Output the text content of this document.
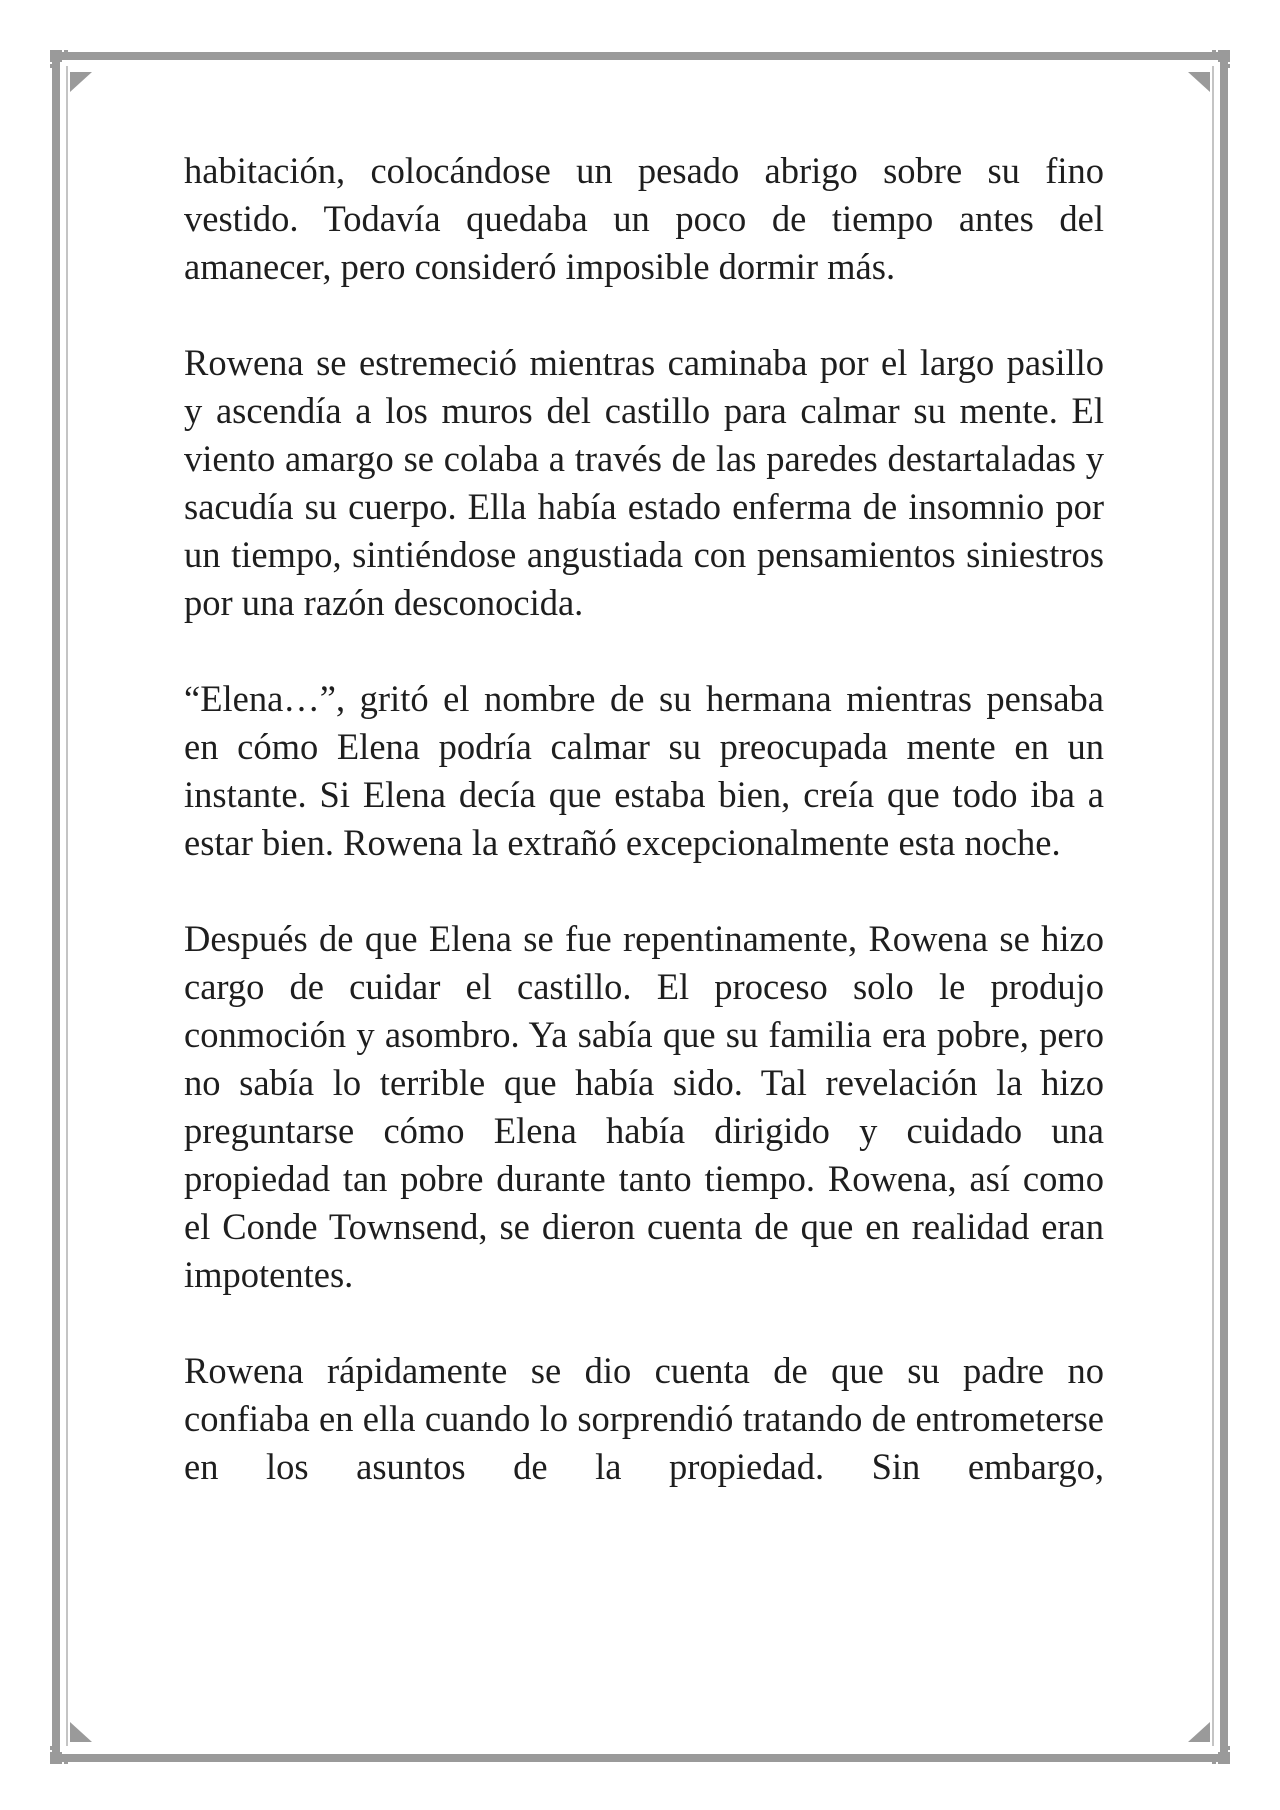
habitación, colocándose un pesado abrigo sobre su fino vestido. Todavía quedaba un poco de tiempo antes del amanecer, pero consideró imposible dormir más.

Rowena se estremeció mientras caminaba por el largo pasillo y ascendía a los muros del castillo para calmar su mente. El viento amargo se colaba a través de las paredes destartaladas y sacudía su cuerpo. Ella había estado enferma de insomnio por un tiempo, sintiéndose angustiada con pensamientos siniestros por una razón desconocida.

“Elena…”, gritó el nombre de su hermana mientras pensaba en cómo Elena podría calmar su preocupada mente en un instante. Si Elena decía que estaba bien, creía que todo iba a estar bien. Rowena la extrañó excepcionalmente esta noche.

Después de que Elena se fue repentinamente, Rowena se hizo cargo de cuidar el castillo. El proceso solo le produjo conmoción y asombro. Ya sabía que su familia era pobre, pero no sabía lo terrible que había sido. Tal revelación la hizo preguntarse cómo Elena había dirigido y cuidado una propiedad tan pobre durante tanto tiempo. Rowena, así como el Conde Townsend, se dieron cuenta de que en realidad eran impotentes.

Rowena rápidamente se dio cuenta de que su padre no confiaba en ella cuando lo sorprendió tratando de entrometerse en los asuntos de la propiedad. Sin embargo,
